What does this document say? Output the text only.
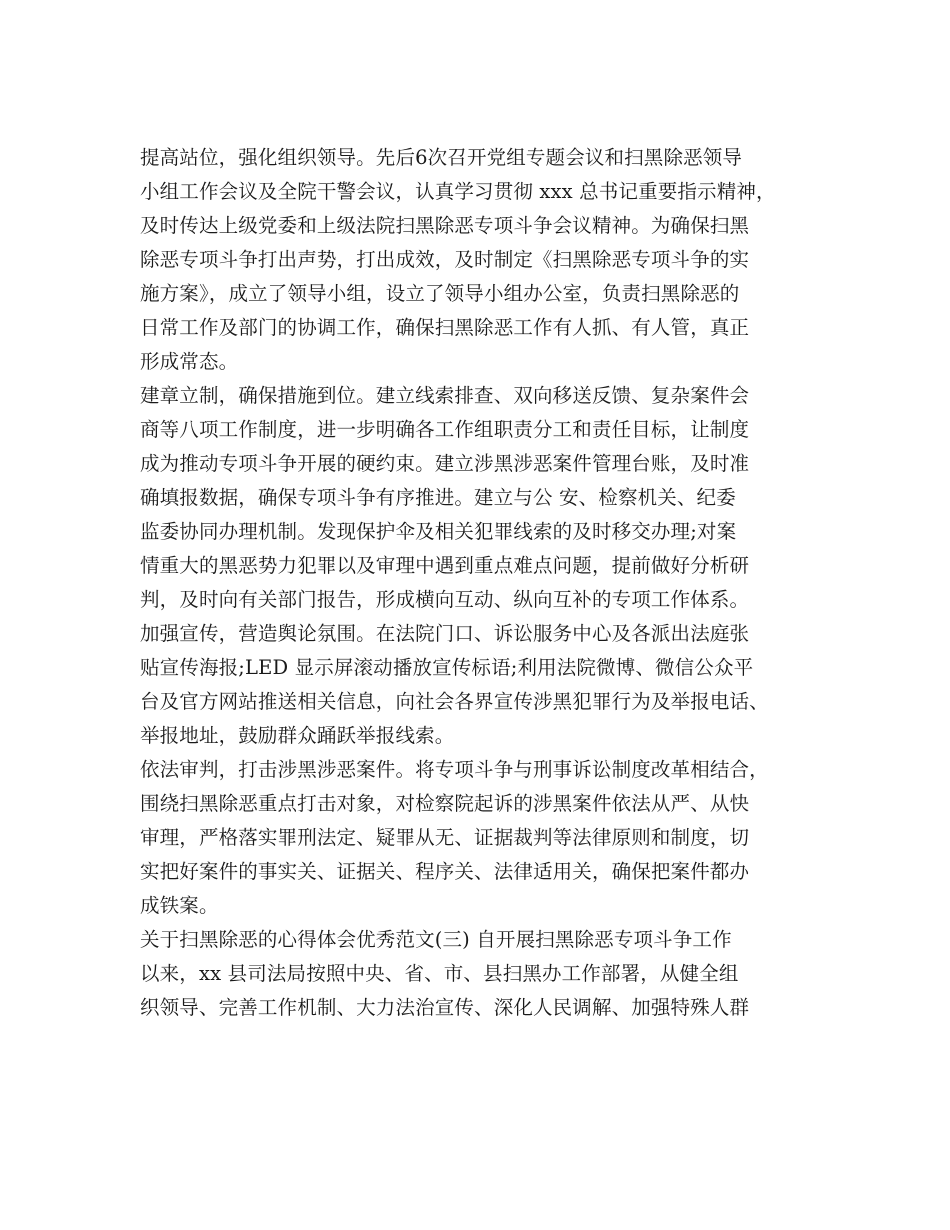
提高站位，强化组织领导。先后6次召开党组专题会议和扫黑除恶领导
小组工作会议及全院干警会议，认真学习贯彻 xxx 总书记重要指示精神，
及时传达上级党委和上级法院扫黑除恶专项斗争会议精神。为确保扫黑
除恶专项斗争打出声势，打出成效，及时制定《扫黑除恶专项斗争的实
施方案》，成立了领导小组，设立了领导小组办公室，负责扫黑除恶的
日常工作及部门的协调工作，确保扫黑除恶工作有人抓、有人管，真正
形成常态。
建章立制，确保措施到位。建立线索排查、双向移送反馈、复杂案件会
商等八项工作制度，进一步明确各工作组职责分工和责任目标，让制度
成为推动专项斗争开展的硬约束。建立涉黑涉恶案件管理台账，及时准
确填报数据，确保专项斗争有序推进。建立与公 安、检察机关、纪委
监委协同办理机制。发现保护伞及相关犯罪线索的及时移交办理;对案
情重大的黑恶势力犯罪以及审理中遇到重点难点问题，提前做好分析研
判，及时向有关部门报告，形成横向互动、纵向互补的专项工作体系。
加强宣传，营造舆论氛围。在法院门口、诉讼服务中心及各派出法庭张
贴宣传海报;LED 显示屏滚动播放宣传标语;利用法院微博、微信公众平
台及官方网站推送相关信息，向社会各界宣传涉黑犯罪行为及举报电话、
举报地址，鼓励群众踊跃举报线索。
依法审判，打击涉黑涉恶案件。将专项斗争与刑事诉讼制度改革相结合，
围绕扫黑除恶重点打击对象，对检察院起诉的涉黑案件依法从严、从快
审理，严格落实罪刑法定、疑罪从无、证据裁判等法律原则和制度，切
实把好案件的事实关、证据关、程序关、法律适用关，确保把案件都办
成铁案。
关于扫黑除恶的心得体会优秀范文(三) 自开展扫黑除恶专项斗争工作
以来，xx 县司法局按照中央、省、市、县扫黑办工作部署，从健全组
织领导、完善工作机制、大力法治宣传、深化人民调解、加强特殊人群
